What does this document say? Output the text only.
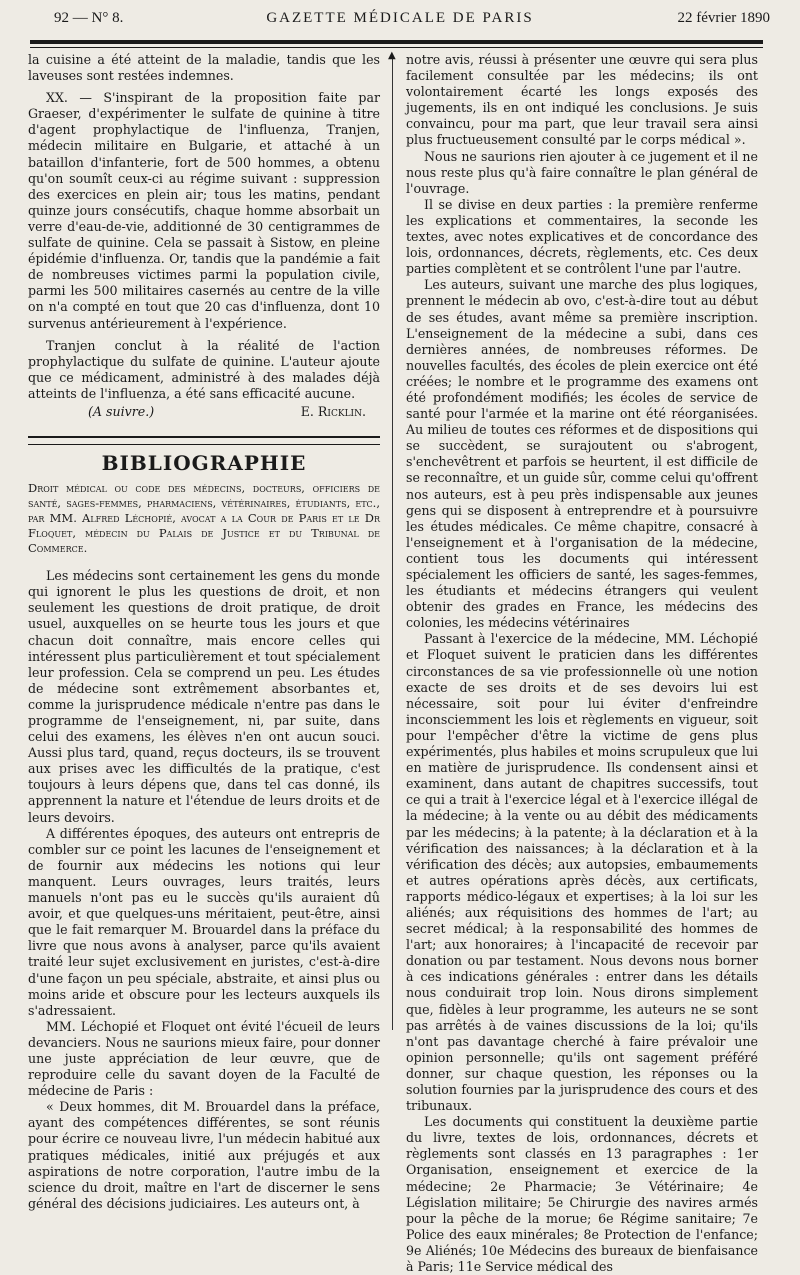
92 — N° 8.	GAZETTE MÉDICALE DE PARIS	22 février 1890
▲

la cuisine a été atteint de la maladie, tandis que les laveuses sont restées indemnes.

XX. — S'inspirant de la proposition faite par Graeser, d'expérimenter le sulfate de quinine à titre d'agent prophylactique de l'influenza, Tranjen, médecin militaire en Bulgarie, et attaché à un bataillon d'infanterie, fort de 500 hommes, a obtenu qu'on soumît ceux-ci au régime suivant : suppression des exercices en plein air; tous les matins, pendant quinze jours consécutifs, chaque homme absorbait un verre d'eau-de-vie, additionné de 30 centigrammes de sulfate de quinine. Cela se passait à Sistow, en pleine épidémie d'influenza. Or, tandis que la pandémie a fait de nombreuses victimes parmi la population civile, parmi les 500 militaires casernés au centre de la ville on n'a compté en tout que 20 cas d'influenza, dont 10 survenus antérieurement à l'expérience.

Tranjen conclut à la réalité de l'action prophylactique du sulfate de quinine. L'auteur ajoute que ce médicament, administré à des malades déjà atteints de l'influenza, a été sans efficacité aucune.

(A suivre.)	E. Ricklin.
BIBLIOGRAPHIE

Droit médical ou code des médecins, docteurs, officiers de santé, sages-femmes, pharmaciens, vétérinaires, étudiants, etc., par MM. Alfred Léchopié, avocat a la Cour de Paris et le Dr Floquet, médecin du Palais de Justice et du Tribunal de Commerce.

Les médecins sont certainement les gens du monde qui ignorent le plus les questions de droit, et non seulement les questions de droit pratique, de droit usuel, auxquelles on se heurte tous les jours et que chacun doit connaître, mais encore celles qui intéressent plus particulièrement et tout spécialement leur profession. Cela se comprend un peu. Les études de médecine sont extrêmement absorbantes et, comme la jurisprudence médicale n'entre pas dans le programme de l'enseignement, ni, par suite, dans celui des examens, les élèves n'en ont aucun souci. Aussi plus tard, quand, reçus docteurs, ils se trouvent aux prises avec les difficultés de la pratique, c'est toujours à leurs dépens que, dans tel cas donné, ils apprennent la nature et l'étendue de leurs droits et de leurs devoirs.

A différentes époques, des auteurs ont entrepris de combler sur ce point les lacunes de l'enseignement et de fournir aux médecins les notions qui leur manquent. Leurs ouvrages, leurs traités, leurs manuels n'ont pas eu le succès qu'ils auraient dû avoir, et que quelques-uns méritaient, peut-être, ainsi que le fait remarquer M. Brouardel dans la préface du livre que nous avons à analyser, parce qu'ils avaient traité leur sujet exclusivement en juristes, c'est-à-dire d'une façon un peu spéciale, abstraite, et ainsi plus ou moins aride et obscure pour les lecteurs auxquels ils s'adressaient.

MM. Léchopié et Floquet ont évité l'écueil de leurs devanciers. Nous ne saurions mieux faire, pour donner une juste appréciation de leur œuvre, que de reproduire celle du savant doyen de la Faculté de médecine de Paris :

« Deux hommes, dit M. Brouardel dans la préface, ayant des compétences différentes, se sont réunis pour écrire ce nouveau livre, l'un médecin habitué aux pratiques médicales, initié aux préjugés et aux aspirations de notre corporation, l'autre imbu de la science du droit, maître en l'art de discerner le sens général des décisions judiciaires. Les auteurs ont, à

notre avis, réussi à présenter une œuvre qui sera plus facilement consultée par les médecins; ils ont volontairement écarté les longs exposés des jugements, ils en ont indiqué les conclusions. Je suis convaincu, pour ma part, que leur travail sera ainsi plus fructueusement consulté par le corps médical ».

Nous ne saurions rien ajouter à ce jugement et il ne nous reste plus qu'à faire connaître le plan général de l'ouvrage.

Il se divise en deux parties : la première renferme les explications et commentaires, la seconde les textes, avec notes explicatives et de concordance des lois, ordonnances, décrets, règlements, etc. Ces deux parties complètent et se contrôlent l'une par l'autre.

Les auteurs, suivant une marche des plus logiques, prennent le médecin ab ovo, c'est-à-dire tout au début de ses études, avant même sa première inscription. L'enseignement de la médecine a subi, dans ces dernières années, de nombreuses réformes. De nouvelles facultés, des écoles de plein exercice ont été créées; le nombre et le programme des examens ont été profondément modifiés; les écoles de service de santé pour l'armée et la marine ont été réorganisées. Au milieu de toutes ces réformes et de dispositions qui se succèdent, se surajoutent ou s'abrogent, s'enchevêtrent et parfois se heurtent, il est difficile de se reconnaître, et un guide sûr, comme celui qu'offrent nos auteurs, est à peu près indispensable aux jeunes gens qui se disposent à entreprendre et à poursuivre les études médicales. Ce même chapitre, consacré à l'enseignement et à l'organisation de la médecine, contient tous les documents qui intéressent spécialement les officiers de santé, les sages-femmes, les étudiants et médecins étrangers qui veulent obtenir des grades en France, les médecins des colonies, les médecins vétérinaires

Passant à l'exercice de la médecine, MM. Léchopié et Floquet suivent le praticien dans les différentes circonstances de sa vie professionnelle où une notion exacte de ses droits et de ses devoirs lui est nécessaire, soit pour lui éviter d'enfreindre inconsciemment les lois et règlements en vigueur, soit pour l'empêcher d'être la victime de gens plus expérimentés, plus habiles et moins scrupuleux que lui en matière de jurisprudence. Ils condensent ainsi et examinent, dans autant de chapitres successifs, tout ce qui a trait à l'exercice légal et à l'exercice illégal de la médecine; à la vente ou au débit des médicaments par les médecins; à la patente; à la déclaration et à la vérification des naissances; à la déclaration et à la vérification des décès; aux autopsies, embaumements et autres opérations après décès, aux certificats, rapports médico-légaux et expertises; à la loi sur les aliénés; aux réquisitions des hommes de l'art; au secret médical; à la responsabilité des hommes de l'art; aux honoraires; à l'incapacité de recevoir par donation ou par testament. Nous devons nous borner à ces indications générales : entrer dans les détails nous conduirait trop loin. Nous dirons simplement que, fidèles à leur programme, les auteurs ne se sont pas arrêtés à de vaines discussions de la loi; qu'ils n'ont pas davantage cherché à faire prévaloir une opinion personnelle; qu'ils ont sagement préféré donner, sur chaque question, les réponses ou la solution fournies par la jurisprudence des cours et des tribunaux.

Les documents qui constituent la deuxième partie du livre, textes de lois, ordonnances, décrets et règlements sont classés en 13 paragraphes : 1er Organisation, enseignement et exercice de la médecine; 2e Pharmacie; 3e Vétérinaire; 4e Législation militaire; 5e Chirurgie des navires armés pour la pêche de la morue; 6e Régime sanitaire; 7e Police des eaux minérales; 8e Protection de l'enfance; 9e Aliénés; 10e Médecins des bureaux de bienfaisance à Paris; 11e Service médical des
